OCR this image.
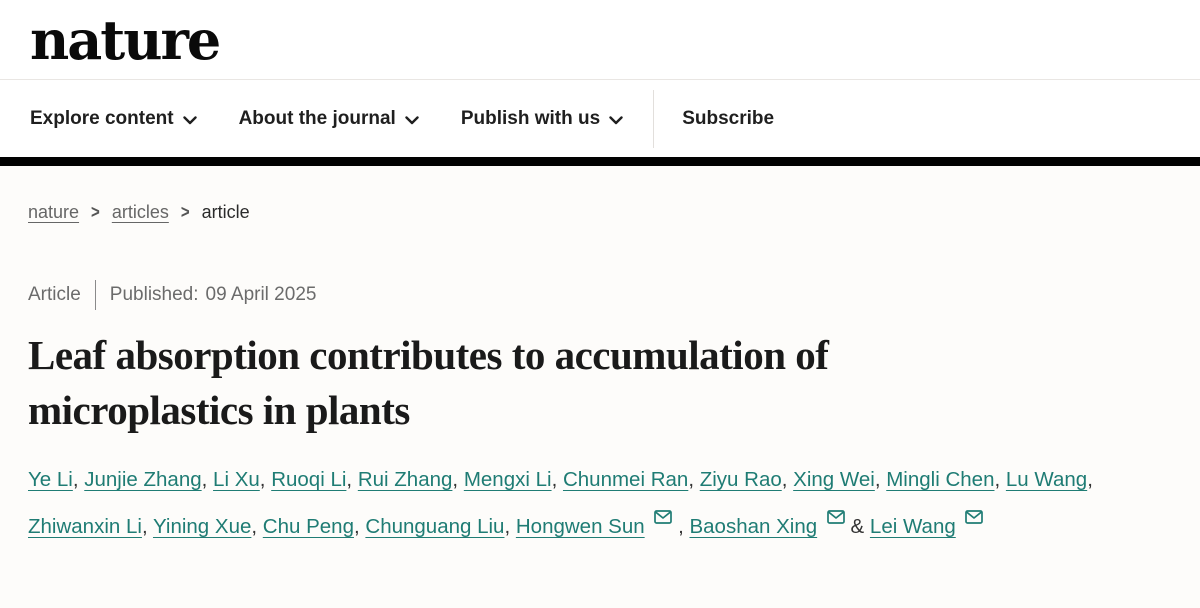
nature
Explore content	About the journal	Publish with us	Subscribe
nature > articles > article
Article Published: 09 April 2025
Leaf absorption contributes to accumulation of microplastics in plants

Ye Li, Junjie Zhang, Li Xu, Ruoqi Li, Rui Zhang, Mengxi Li, Chunmei Ran, Ziyu Rao, Xing Wei, Mingli Chen, Lu Wang, Zhiwanxin Li, Yining Xue, Chu Peng, Chunguang Liu, Hongwen Sun , Baoshan Xing  & Lei Wang
